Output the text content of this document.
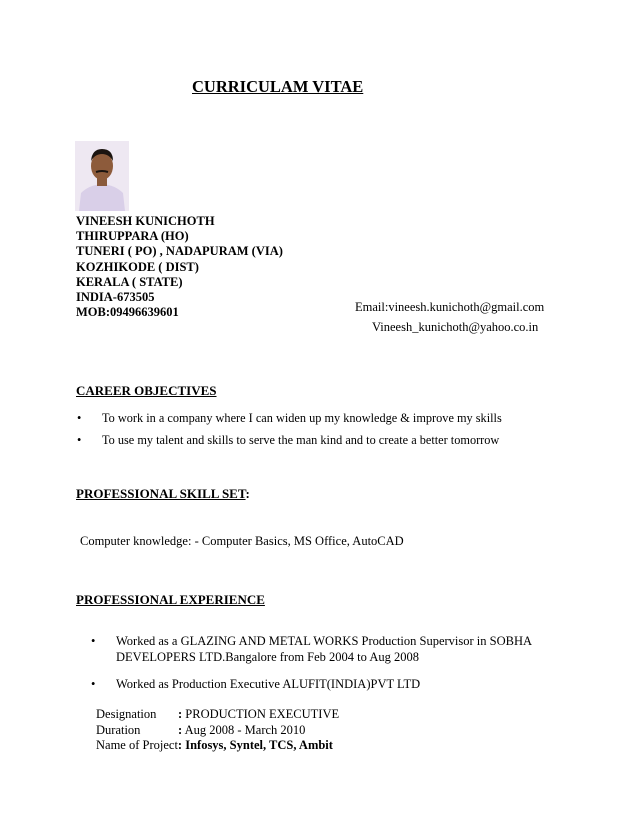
CURRICULAM VITAE
VINEESH KUNICHOTH
THIRUPPARA (HO)
TUNERI ( PO) , NADAPURAM (VIA)
KOZHIKODE ( DIST)
KERALA ( STATE)
INDIA-673505
MOB:09496639601	Email:vineesh.kunichoth@gmail.com
Vineesh_kunichoth@yahoo.co.in
CAREER OBJECTIVES
• To work in a company where I can widen up my knowledge & improve my skills
• To use my talent and skills to serve the man kind and to create a better tomorrow
PROFESSIONAL SKILL SET:
Computer knowledge: - Computer Basics, MS Office, AutoCAD
PROFESSIONAL EXPERIENCE
• Worked as a GLAZING AND METAL WORKS Production Supervisor in SOBHA
DEVELOPERS LTD.Bangalore from Feb 2004 to Aug 2008
• Worked as Production Executive ALUFIT(INDIA)PVT LTD
Designation : PRODUCTION EXECUTIVE
Duration	: Aug 2008 - March 2010
Name of Project: Infosys, Syntel, TCS, Ambit
